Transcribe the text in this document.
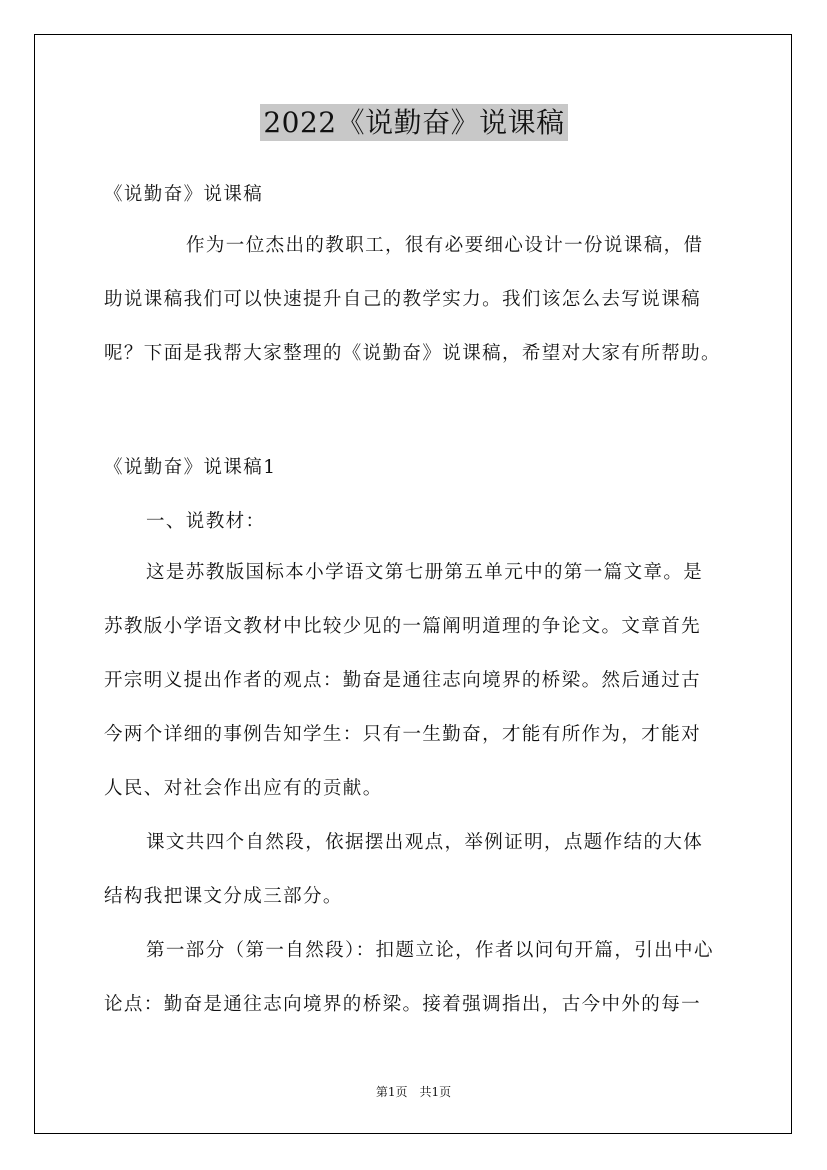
2022《说勤奋》说课稿
《说勤奋》说课稿
作为一位杰出的教职工，很有必要细心设计一份说课稿，借
助说课稿我们可以快速提升自己的教学实力。我们该怎么去写说课稿
呢？下面是我帮大家整理的《说勤奋》说课稿，希望对大家有所帮助。
《说勤奋》说课稿1
一、说教材：
这是苏教版国标本小学语文第七册第五单元中的第一篇文章。是
苏教版小学语文教材中比较少见的一篇阐明道理的争论文。文章首先
开宗明义提出作者的观点：勤奋是通往志向境界的桥梁。然后通过古
今两个详细的事例告知学生：只有一生勤奋，才能有所作为，才能对
人民、对社会作出应有的贡献。
课文共四个自然段，依据摆出观点，举例证明，点题作结的大体
结构我把课文分成三部分。
第一部分（第一自然段）：扣题立论，作者以问句开篇，引出中心
论点：勤奋是通往志向境界的桥梁。接着强调指出，古今中外的每一
第1页　共1页
